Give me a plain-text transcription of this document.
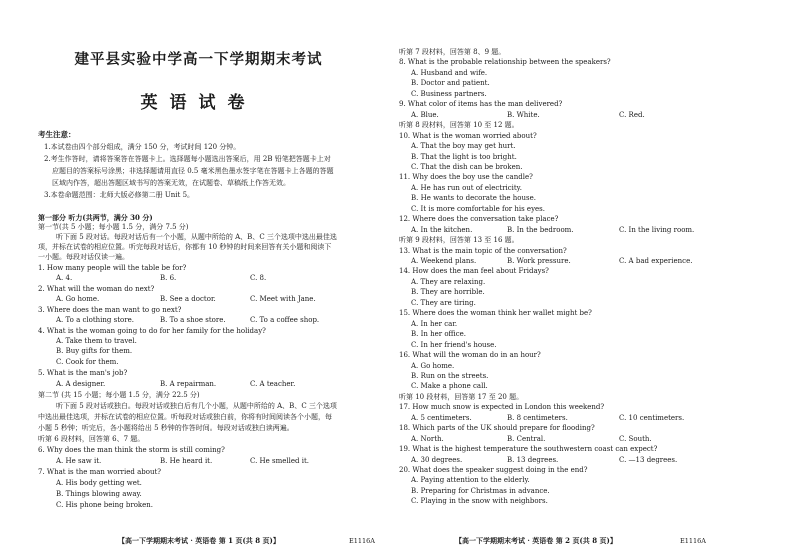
建平县实验中学高一下学期期末考试
英语试卷
考生注意：
1.本试卷由四个部分组成，满分 150 分，考试时间 120 分钟。
2.考生作答时，请将答案答在答题卡上。选择题每小题选出答案后，用 2B 铅笔把答题卡上对
应题目的答案标号涂黑；非选择题请用直径 0.5 毫米黑色墨水签字笔在答题卡上各题的答题
区域内作答，超出答题区域书写的答案无效，在试题卷、草稿纸上作答无效。
3.本卷命题范围：北师大版必修第二册 Unit 5。
第一部分 听力(共两节，满分 30 分)
第一节(共 5 小题；每小题 1.5 分，满分 7.5 分)
听下面 5 段对话。每段对话后有一个小题，从题中所给的 A、B、C 三个选项中选出最佳选
项，并标在试卷的相应位置。听完每段对话后，你都有 10 秒钟的时间来回答有关小题和阅读下
一小题。每段对话仅读一遍。
1. How many people will the table be for?
A. 4.	B. 6.	C. 8.
2. What will the woman do next?
A. Go home.	B. See a doctor.	C. Meet with Jane.
3. Where does the man want to go next?
A. To a clothing store.	B. To a shoe store.	C. To a coffee shop.
4. What is the woman going to do for her family for the holiday?
A. Take them to travel.
B. Buy gifts for them.
C. Cook for them.
5. What is the man's job?
A. A designer.	B. A repairman.	C. A teacher.
第二节 (共 15 小题；每小题 1.5 分，满分 22.5 分)
听下面 5 段对话或独白。每段对话或独白后有几个小题，从题中所给的 A、B、C 三个选项
中选出最佳选项，并标在试卷的相应位置。听每段对话或独白前，你将有时间阅读各个小题，每
小题 5 秒钟；听完后，各小题将给出 5 秒钟的作答时间。每段对话或独白读两遍。
听第 6 段材料，回答第 6、7 题。
6. Why does the man think the storm is still coming?
A. He saw it.	B. He heard it.	C. He smelled it.
7. What is the man worried about?
A. His body getting wet.
B. Things blowing away.
C. His phone being broken.
【高一下学期期末考试 · 英语卷 第 1 页(共 8 页)】	E1116A
听第 7 段材料，回答第 8、9 题。
8. What is the probable relationship between the speakers?
A. Husband and wife.
B. Doctor and patient.
C. Business partners.
9. What color of items has the man delivered?
A. Blue.	B. White.	C. Red.
听第 8 段材料，回答第 10 至 12 题。
10. What is the woman worried about?
A. That the boy may get hurt.
B. That the light is too bright.
C. That the dish can be broken.
11. Why does the boy use the candle?
A. He has run out of electricity.
B. He wants to decorate the house.
C. It is more comfortable for his eyes.
12. Where does the conversation take place?
A. In the kitchen.	B. In the bedroom.	C. In the living room.
听第 9 段材料，回答第 13 至 16 题。
13. What is the main topic of the conversation?
A. Weekend plans.	B. Work pressure.	C. A bad experience.
14. How does the man feel about Fridays?
A. They are relaxing.
B. They are horrible.
C. They are tiring.
15. Where does the woman think her wallet might be?
A. In her car.
B. In her office.
C. In her friend's house.
16. What will the woman do in an hour?
A. Go home.
B. Run on the streets.
C. Make a phone call.
听第 10 段材料，回答第 17 至 20 题。
17. How much snow is expected in London this weekend?
A. 5 centimeters.	B. 8 centimeters.	C. 10 centimeters.
18. Which parts of the UK should prepare for flooding?
A. North.	B. Central.	C. South.
19. What is the highest temperature the southwestern coast can expect?
A. 30 degrees.	B. 13 degrees.	C. —13 degrees.
20. What does the speaker suggest doing in the end?
A. Paying attention to the elderly.
B. Preparing for Christmas in advance.
C. Playing in the snow with neighbors.
【高一下学期期末考试 · 英语卷 第 2 页(共 8 页)】	E1116A
